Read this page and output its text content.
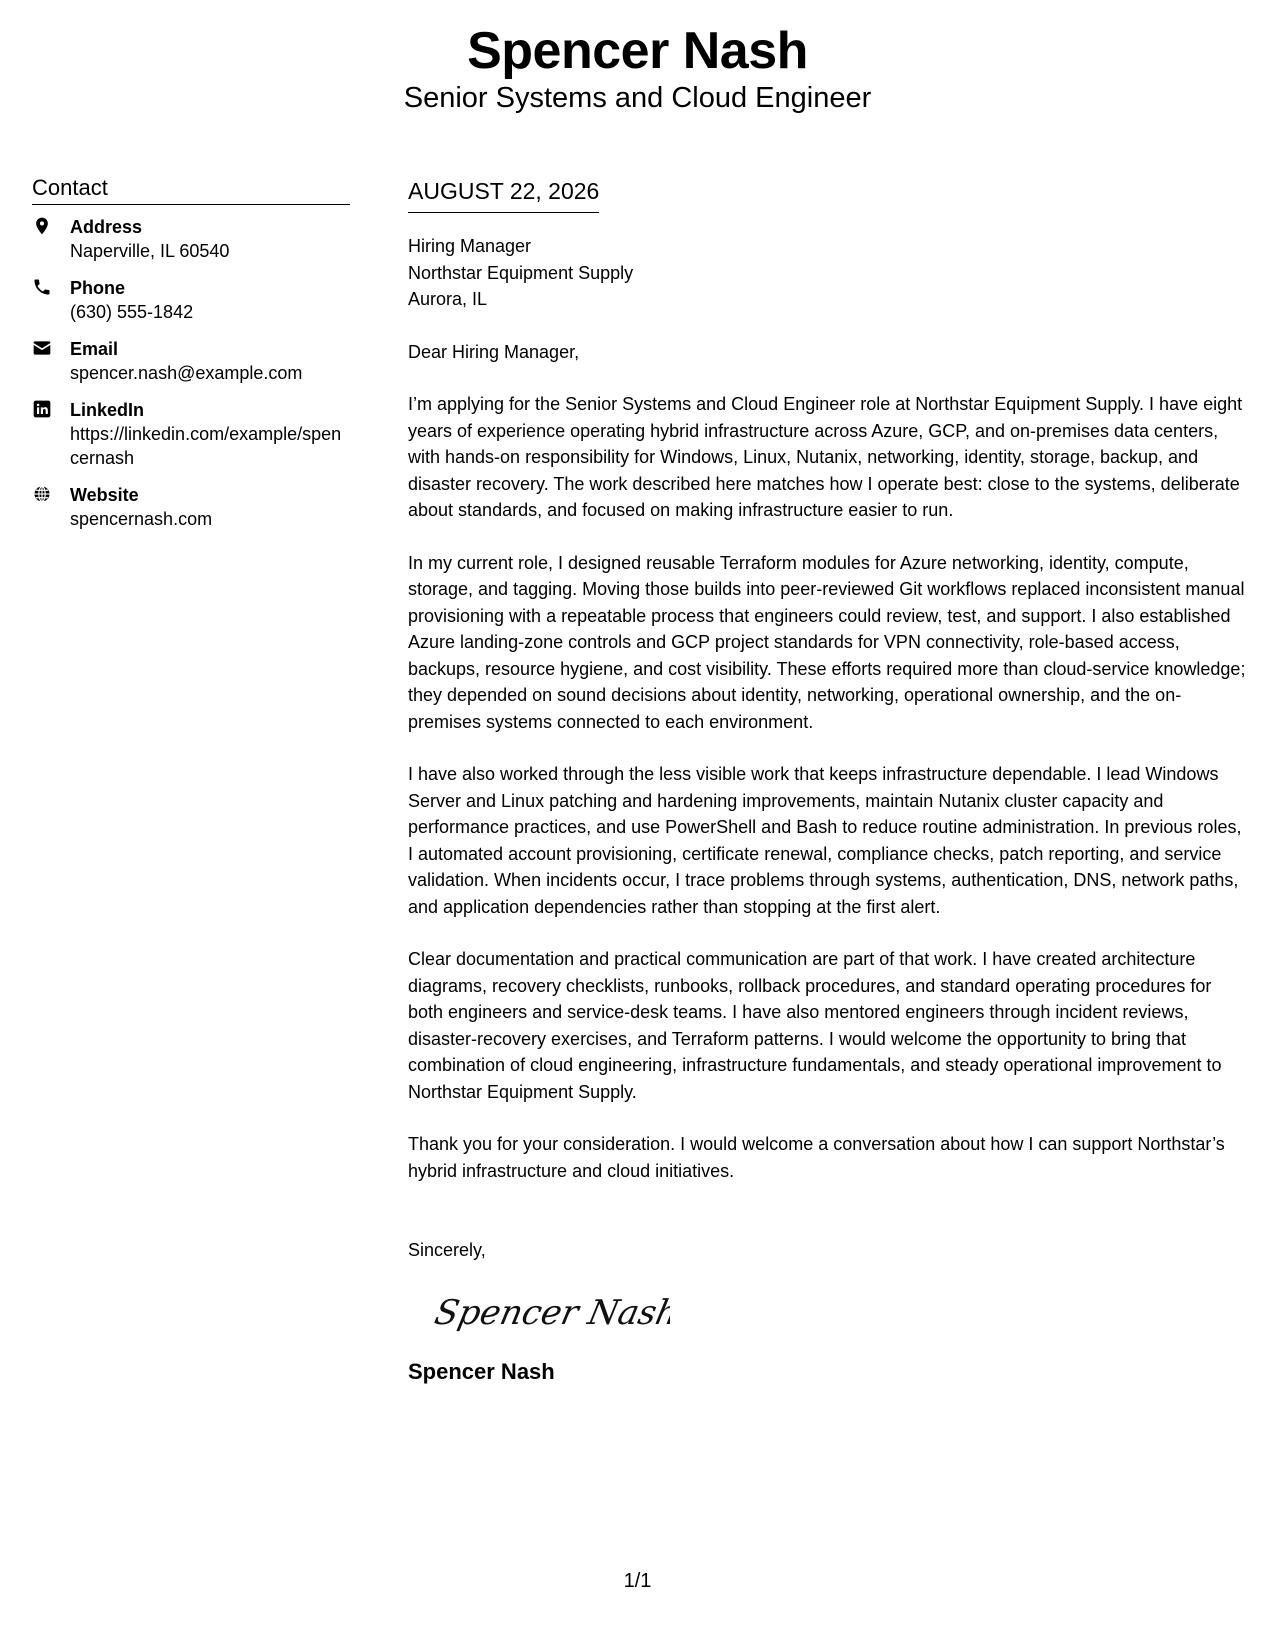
Spencer Nash
Senior Systems and Cloud Engineer
Contact
Address
Naperville, IL 60540
Phone
(630) 555-1842
Email
spencer.nash@example.com
LinkedIn
https://linkedin.com/example/spencernash
Website
spencernash.com
AUGUST 22, 2026
Hiring Manager
Northstar Equipment Supply
Aurora, IL
Dear Hiring Manager,
I’m applying for the Senior Systems and Cloud Engineer role at Northstar Equipment Supply. I have eight years of experience operating hybrid infrastructure across Azure, GCP, and on-premises data centers, with hands-on responsibility for Windows, Linux, Nutanix, networking, identity, storage, backup, and disaster recovery. The work described here matches how I operate best: close to the systems, deliberate about standards, and focused on making infrastructure easier to run.
In my current role, I designed reusable Terraform modules for Azure networking, identity, compute, storage, and tagging. Moving those builds into peer-reviewed Git workflows replaced inconsistent manual provisioning with a repeatable process that engineers could review, test, and support. I also established Azure landing-zone controls and GCP project standards for VPN connectivity, role-based access, backups, resource hygiene, and cost visibility. These efforts required more than cloud-service knowledge; they depended on sound decisions about identity, networking, operational ownership, and the on-premises systems connected to each environment.
I have also worked through the less visible work that keeps infrastructure dependable. I lead Windows Server and Linux patching and hardening improvements, maintain Nutanix cluster capacity and performance practices, and use PowerShell and Bash to reduce routine administration. In previous roles, I automated account provisioning, certificate renewal, compliance checks, patch reporting, and service validation. When incidents occur, I trace problems through systems, authentication, DNS, network paths, and application dependencies rather than stopping at the first alert.
Clear documentation and practical communication are part of that work. I have created architecture diagrams, recovery checklists, runbooks, rollback procedures, and standard operating procedures for both engineers and service-desk teams. I have also mentored engineers through incident reviews, disaster-recovery exercises, and Terraform patterns. I would welcome the opportunity to bring that combination of cloud engineering, infrastructure fundamentals, and steady operational improvement to Northstar Equipment Supply.
Thank you for your consideration. I would welcome a conversation about how I can support Northstar’s hybrid infrastructure and cloud initiatives.
Sincerely,
Spencer Nash
Spencer Nash
1/1
